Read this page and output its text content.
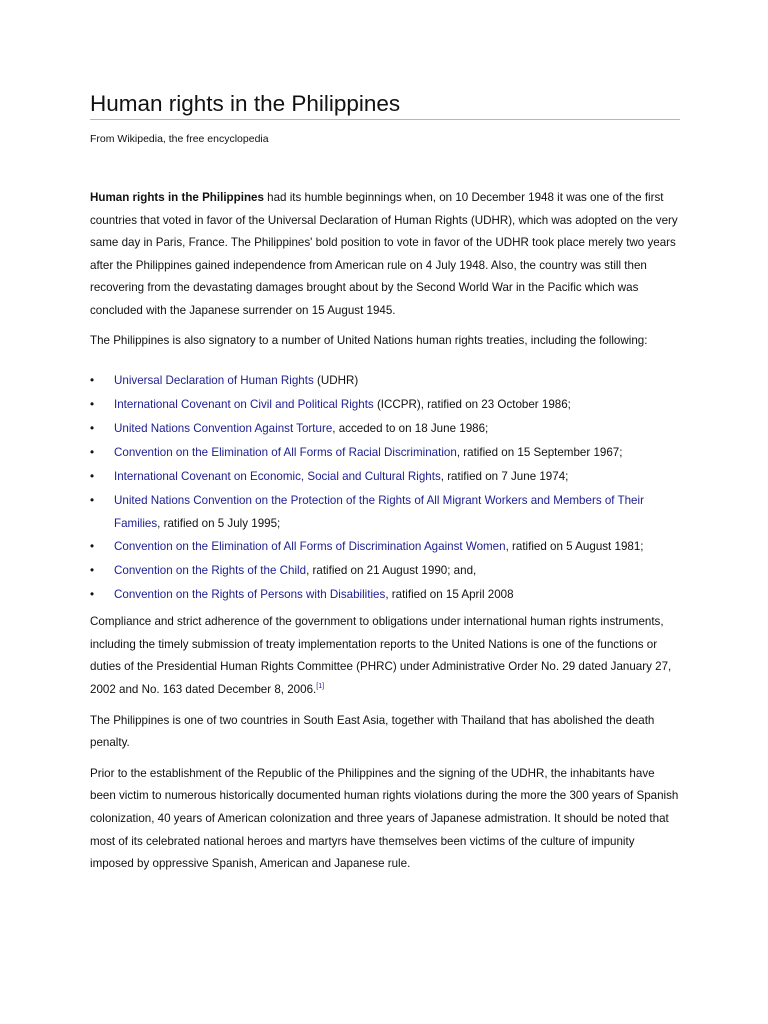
Human rights in the Philippines
From Wikipedia, the free encyclopedia

Human rights in the Philippines had its humble beginnings when, on 10 December 1948 it was one of the first countries that voted in favor of the Universal Declaration of Human Rights (UDHR), which was adopted on the very same day in Paris, France. The Philippines' bold position to vote in favor of the UDHR took place merely two years after the Philippines gained independence from American rule on 4 July 1948. Also, the country was still then recovering from the devastating damages brought about by the Second World War in the Pacific which was concluded with the Japanese surrender on 15 August 1945.

The Philippines is also signatory to a number of United Nations human rights treaties, including the following:

•	Universal Declaration of Human Rights (UDHR)
•	International Covenant on Civil and Political Rights (ICCPR), ratified on 23 October 1986;
•	United Nations Convention Against Torture, acceded to on 18 June 1986;
•	Convention on the Elimination of All Forms of Racial Discrimination, ratified on 15 September 1967;
•	International Covenant on Economic, Social and Cultural Rights, ratified on 7 June 1974;
•	United Nations Convention on the Protection of the Rights of All Migrant Workers and Members of Their Families, ratified on 5 July 1995;
•	Convention on the Elimination of All Forms of Discrimination Against Women, ratified on 5 August 1981;
•	Convention on the Rights of the Child, ratified on 21 August 1990; and,
•	Convention on the Rights of Persons with Disabilities, ratified on 15 April 2008

Compliance and strict adherence of the government to obligations under international human rights instruments, including the timely submission of treaty implementation reports to the United Nations is one of the functions or duties of the Presidential Human Rights Committee (PHRC) under Administrative Order No. 29 dated January 27, 2002 and No. 163 dated December 8, 2006.[1]

The Philippines is one of two countries in South East Asia, together with Thailand that has abolished the death penalty.

Prior to the establishment of the Republic of the Philippines and the signing of the UDHR, the inhabitants have been victim to numerous historically documented human rights violations during the more the 300 years of Spanish colonization, 40 years of American colonization and three years of Japanese admistration. It should be noted that most of its celebrated national heroes and martyrs have themselves been victims of the culture of impunity imposed by oppressive Spanish, American and Japanese rule.
